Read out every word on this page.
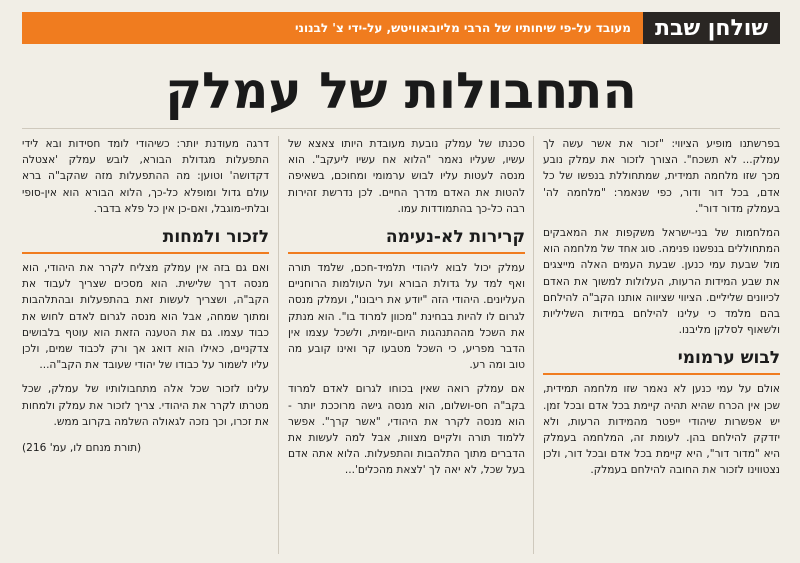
שולחן שבת
מעובד על-פי שיחותיו של הרבי מליובאוויטש, על-ידי צ' לבנוני
התחבולות של עמלק

בפרשתנו מופיע הציווי: "זכור את אשר עשה לך עמלק... לא תשכח". הצורך לזכור את עמלק נובע מכך שזו מלחמה תמידית, שמתחוללת בנפשו של כל אדם, בכל דור ודור, כפי שנאמר: "מלחמה לה' בעמלק מדור דור".

המלחמות של בני-ישראל משקפות את המאבקים המתחוללים בנפשנו פנימה. סוג אחד של מלחמה הוא מול שבעת עמי כנען. שבעת העמים האלה מייצגים את שבע המידות הרעות, העלולות למשוך את האדם לכיוונים שליליים. הציווי שציווה אותנו הקב"ה להילחם בהם מלמד כי עלינו להילחם במידות השליליות ולשאוף לסלקן מליבנו.

לבוש ערמומי

אולם על עמי כנען לא נאמר שזו מלחמה תמידית, שכן אין הכרח שהיא תהיה קיימת בכל אדם ובכל זמן. יש אפשרות שיהודי ייפטר מהמידות הרעות, ולא יזדקק להילחם בהן. לעומת זה, המלחמה בעמלק היא "מדור דור", היא קיימת בכל אדם ובכל דור, ולכן נצטווינו לזכור את החובה להילחם בעמלק.

סכנתו של עמלק נובעת מעובדת היותו צאצא של עשיו, שעליו נאמר "הלוא אח עשיו ליעקב". הוא מנסה לעטות עליו לבוש ערמומי ומחוכם, בשאיפה להטות את האדם מדרך החיים. לכן נדרשת זהירות רבה כל-כך בהתמודדות עמו.

קרירות לא-נעימה

עמלק יכול לבוא ליהודי תלמיד-חכם, שלמד תורה ואף למד על גדולת הבורא ועל העולמות הרוחניים העליונים. היהודי הזה "יודע את ריבונו", ועמלק מנסה לגרום לו להיות בבחינת "מכוון למרוד בו". הוא מנתק את השכל מההתנהגות היום-יומית, ולשכל עצמו אין הדבר מפריע, כי השכל מטבעו קר ואינו קובע מה טוב ומה רע.

אם עמלק רואה שאין בכוחו לגרום לאדם למרוד בקב"ה חס-ושלום, הוא מנסה גישה מרוככת יותר - הוא מנסה לקרר את היהודי, "אשר קרך". אפשר ללמוד תורה ולקיים מצוות, אבל למה לעשות את הדברים מתוך התלהבות והתפעלות. הלוא אתה אדם בעל שכל, לא יאה לך 'לצאת מהכלים'...

דרגה מעודנת יותר: כשיהודי לומד חסידות ובא לידי התפעלות מגדולת הבורא, לובש עמלק 'אצטלה דקדושה' וטוען: מה ההתפעלות מזה שהקב"ה ברא עולם גדול ומופלא כל-כך, הלוא הבורא הוא אין-סופי ובלתי-מוגבל, ואם-כן אין כל פלא בדבר.

לזכור ולמחות

ואם גם בזה אין עמלק מצליח לקרר את היהודי, הוא מנסה דרך שלישית. הוא מסכים שצריך לעבוד את הקב"ה, ושצריך לעשות זאת בהתפעלות ובהתלהבות ומתוך שמחה, אבל הוא מנסה לגרום לאדם לחוש את כבוד עצמו. גם את הטענה הזאת הוא עוטף בלבושים צדקניים, כאילו הוא דואג אך ורק לכבוד שמים, ולכן עליו לשמור על כבודו של יהודי שעובד את הקב"ה...

עלינו לזכור שכל אלה מתחבולותיו של עמלק, שכל מטרתו לקרר את היהודי. צריך לזכור את עמלק ולמחות את זכרו, וכך נזכה לגאולה השלמה בקרוב ממש.

(תורת מנחם לו, עמ' 216)
